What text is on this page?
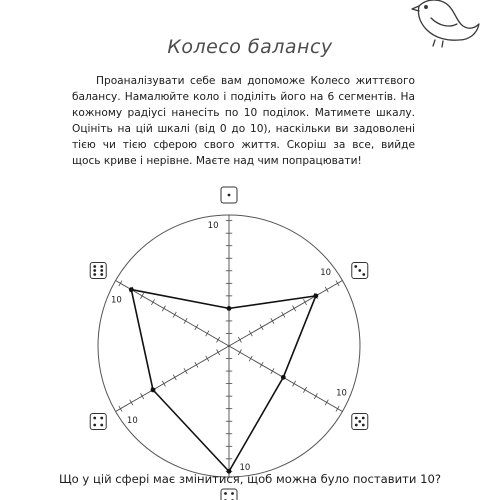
Колесо балансу

Проаналізувати себе вам допоможе Колесо життєвого балансу. Намалюйте коло і поділіть його на 6 сегментів. На кожному радіусі нанесіть по 10 поділок. Матимете шкалу. Оцініть на цій шкалі (від 0 до 10), наскільки ви задоволені тією чи тією сферою свого життя. Скоріш за все, вийде щось криве і нерівне. Маєте над чим попрацювати!

10
10
10
10
10
10
Що у цій сфері має змінитися, щоб можна було поставити 10?
